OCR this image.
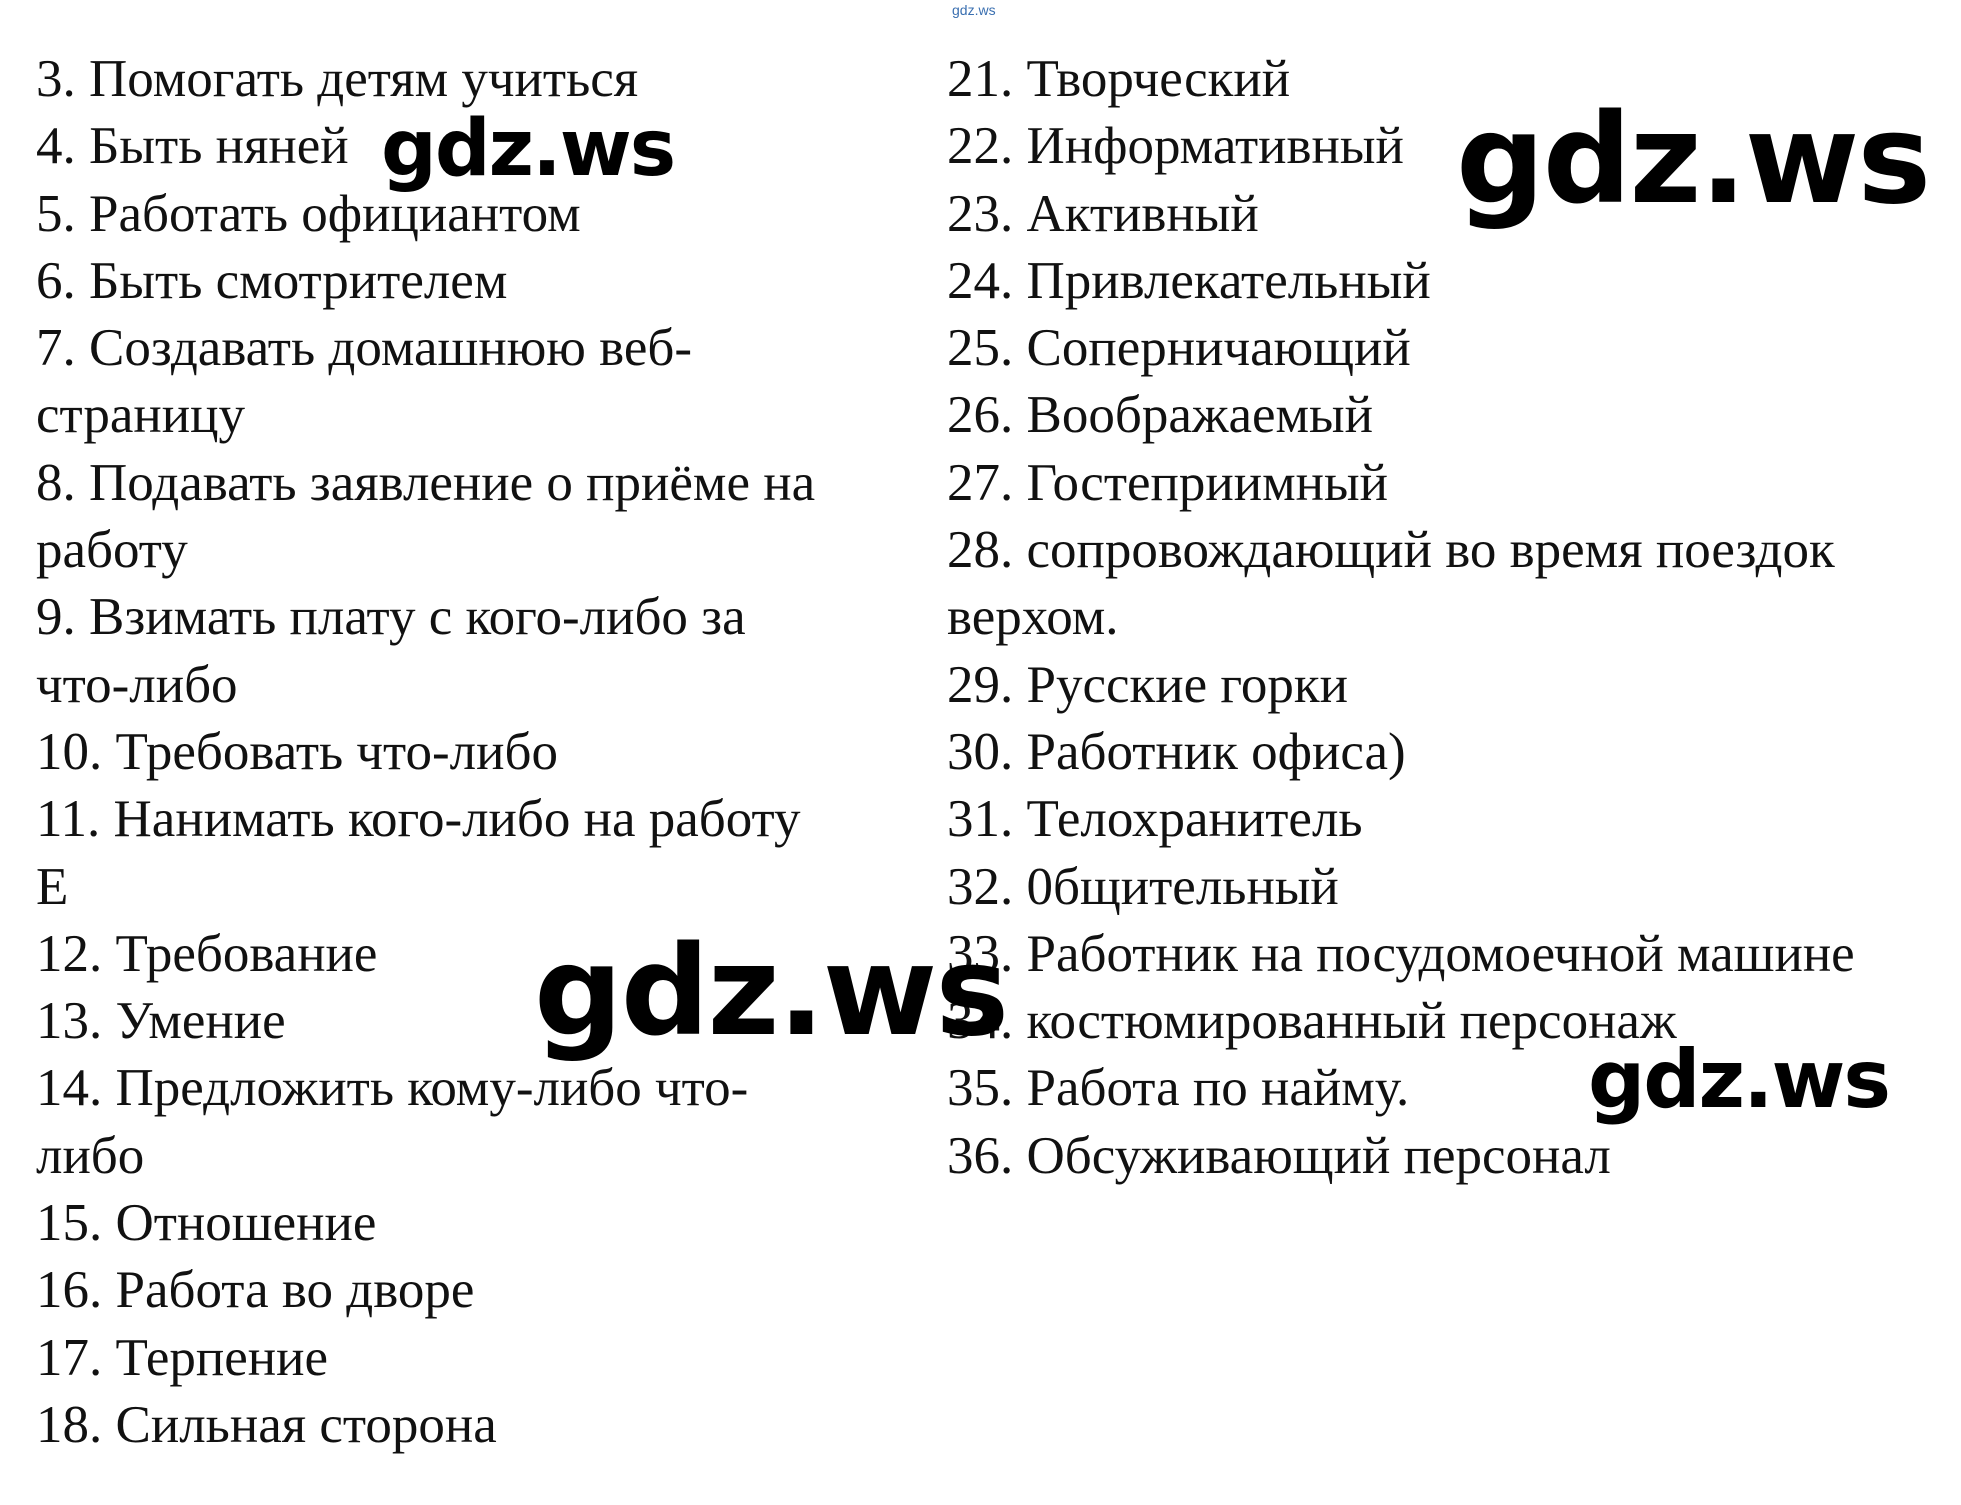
gdz.ws
3. Помогать детям учиться
4. Быть няней
5. Работать официантом
6. Быть смотрителем
7. Создавать домашнюю веб-
страницу
8. Подавать заявление о приёме на
работу
9. Взимать плату с кого-либо за
что-либо
10. Требовать что-либо
11. Нанимать кого-либо на работу
E
12. Требование
13. Умение
14. Предложить кому-либо что-
либо
15. Отношение
16. Работа во дворе
17. Терпение
18. Сильная сторона
21. Творческий
22. Информативный
23. Активный
24. Привлекательный
25. Соперничающий
26. Воображаемый
27. Гостеприимный
28. сопровождающий во время поездок
верхом.
29. Русские горки
30. Работник офиса)
31. Телохранитель
32. 0бщительный
33. Работник на посудомоечной машине
34. костюмированный персонаж
35. Работа по найму.
36. Обсуживающий персонал
gdz.ws	gdz.ws
gdz.ws
gdz.ws
